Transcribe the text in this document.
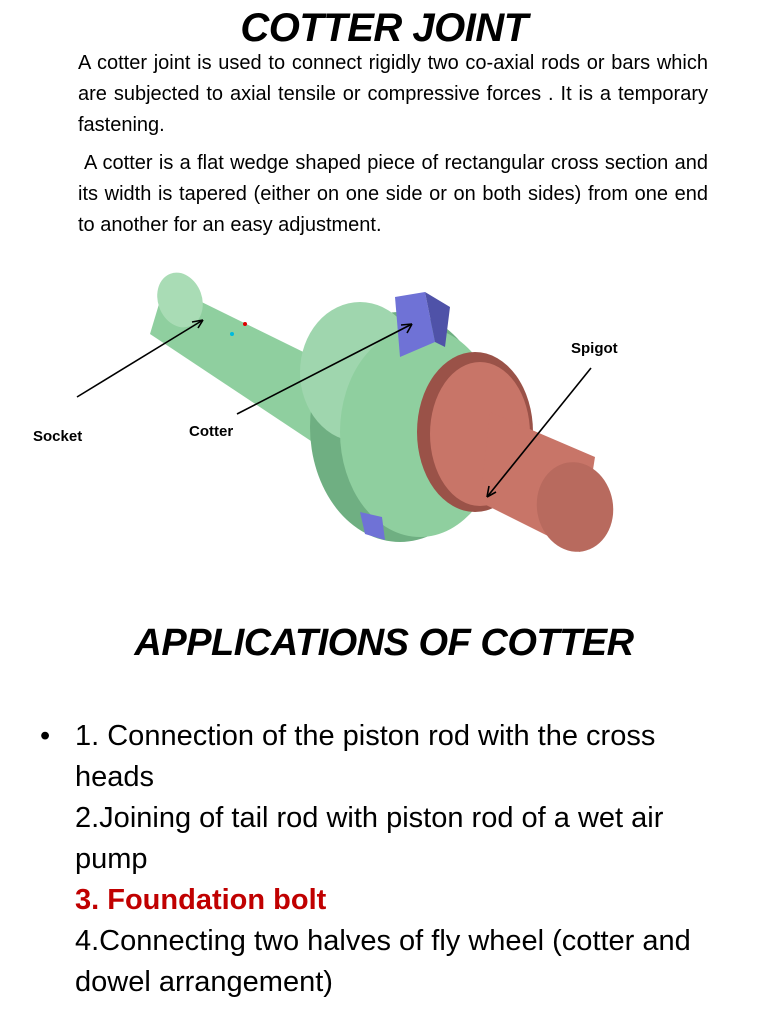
COTTER JOINT

A cotter joint is used to connect rigidly two co-axial rods or bars which are subjected to axial tensile or compressive forces . It is a temporary fastening.

A cotter is a flat wedge shaped piece of rectangular cross section and its width is tapered (either on one side or on both sides) from one end to another for an easy adjustment.

Socket	Cotter
Spigot
APPLICATIONS OF COTTER
• 1. Connection of the piston rod with the cross heads
2.Joining of tail rod with piston rod of a wet air pump
3. Foundation bolt
4.Connecting two halves of fly wheel (cotter and dowel arrangement)
